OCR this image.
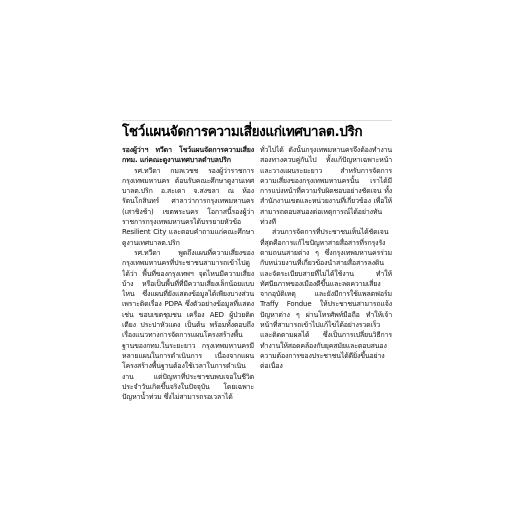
โชว์แผนจัดการความเสี่ยงแก่เทศบาลต.ปริก

รองผู้ว่าฯ ทวีดา โชว์แผนจัดการความเสี่ยง กทม. แก่คณะดูงานเทศบาลตำบลปริก

รศ.ทวีดา กมลเวชช รองผู้ว่าราชการกรุงเทพมหานคร ต้อนรับคณะศึกษาดูงานเทศบาลต.ปริก อ.สะเดา จ.สงขลา ณ ห้องรัตนโกสินทร์ ศาลาว่าการกรุงเทพมหานคร (เสาชิงช้า) เขตพระนคร โอกาสนี้รองผู้ว่าราชการกรุงเทพมหานครได้บรรยายหัวข้อ Resilient City และตอบคำถามแก่คณะศึกษาดูงานเทศบาลต.ปริก

รศ.ทวีดา พูดถึงแผนที่ความเสี่ยงของกรุงเทพมหานครที่ประชาชนสามารถเข้าไปดูได้ว่า พื้นที่ของกรุงเทพฯ จุดไหนมีความเสี่ยงบ้าง หรือเป็นพื้นที่ที่มีความเสี่ยงเล็กน้อยแบบไหน ซึ่งแผนที่ยังแสดงข้อมูลได้เพียงบางส่วนเพราะติดเรื่อง PDPA ซึ่งตัวอย่างข้อมูลที่แสดง เช่น ขอบเขตชุมชน เครื่อง AED ผู้ป่วยติดเตียง ประปาหัวแดง เป็นต้น พร้อมทั้งตอบถึงเรื่องแนวทางการจัดการแผนโครงสร้างพื้นฐานของกทม.ในระยะยาว กรุงเทพมหานครมีหลายแผนในการดำเนินการ เนื่องจากแผนโครงสร้างพื้นฐานต้องใช้เวลาในการดำเนินงาน แต่ปัญหาที่ประชาชนพบเจอในชีวิตประจำวันเกิดขึ้นจริงในปัจจุบัน โดยเฉพาะปัญหาน้ำท่วม ซึ่งไม่สามารถรอเวลาได้

ทั่วไปได้ ดังนั้นกรุงเทพมหานครจึงต้องทำงานสองทางควบคู่กันไป ทั้งแก้ปัญหาเฉพาะหน้าและวางแผนระยะยาว สำหรับการจัดการความเสี่ยงของกรุงเทพมหานครนั้น เราได้มีการแบ่งหน้าที่ความรับผิดชอบอย่างชัดเจน ทั้งสำนักงานเขตและหน่วยงานที่เกี่ยวข้อง เพื่อให้สามารถตอบสนองต่อเหตุการณ์ได้อย่างทันท่วงที

ส่วนการจัดการที่ประชาชนเห็นได้ชัดเจนที่สุดคือการแก้ไขปัญหาสายสื่อสารที่รกรุงรังตามถนนสายต่าง ๆ ซึ่งกรุงเทพมหานครร่วมกับหน่วยงานที่เกี่ยวข้องนำสายสื่อสารลงดินและจัดระเบียบสายที่ไม่ได้ใช้งาน ทำให้ทัศนียภาพของเมืองดีขึ้นและลดความเสี่ยงจากอุบัติเหตุ และยังมีการใช้แพลตฟอร์ม Traffy Fondue ให้ประชาชนสามารถแจ้งปัญหาต่าง ๆ ผ่านโทรศัพท์มือถือ ทำให้เจ้าหน้าที่สามารถเข้าไปแก้ไขได้อย่างรวดเร็วและติดตามผลได้ ซึ่งเป็นการเปลี่ยนวิธีการทำงานให้สอดคล้องกับยุคสมัยและตอบสนองความต้องการของประชาชนได้ดียิ่งขึ้นอย่างต่อเนื่อง
